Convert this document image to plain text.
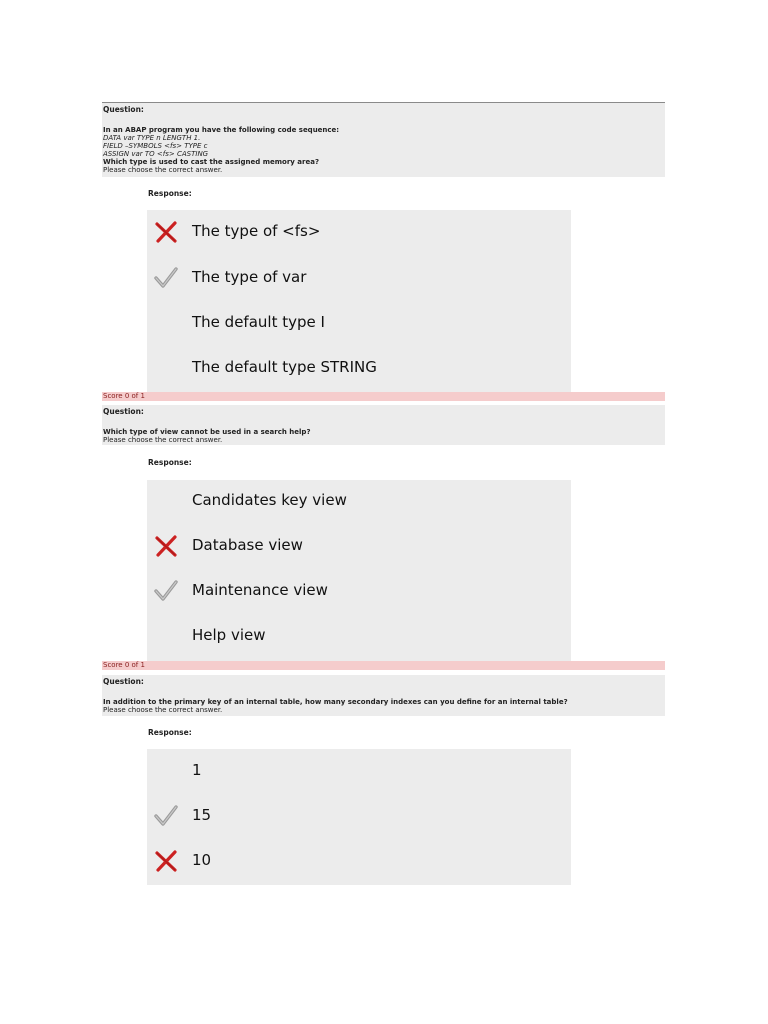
Question:
In an ABAP program you have the following code sequence:
DATA var TYPE n LENGTH 1.
FIELD –SYMBOLS <fs> TYPE c
ASSIGN var TO <fs> CASTING
Which type is used to cast the assigned memory area?
Please choose the correct answer.
Response:
The type of <fs>
The type of var
The default type I
The default type STRING
Score 0 of 1
Question:
Which type of view cannot be used in a search help?
Please choose the correct answer.
Response:
Candidates key view
Database view
Maintenance view
Help view
Score 0 of 1
Question:
In addition to the primary key of an internal table, how many secondary indexes can you define for an internal table?
Please choose the correct answer.
Response:
1
15
10
